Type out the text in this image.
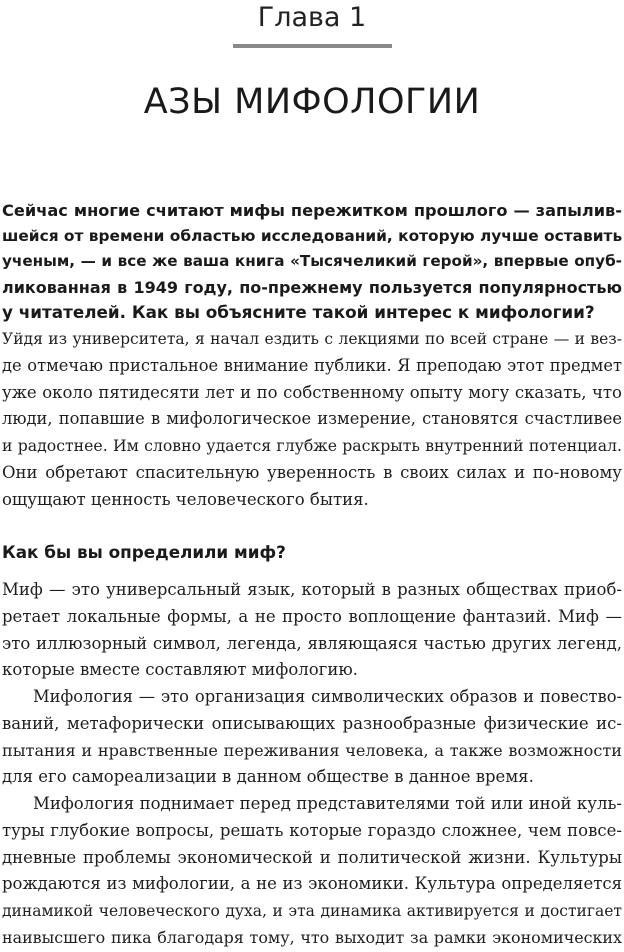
Глава 1
АЗЫ МИФОЛОГИИ
Сейчас многие считают мифы пережитком прошлого — запылив-
шейся от времени областью исследований, которую лучше оставить
ученым, — и все же ваша книга «Тысячеликий герой», впервые опуб-
ликованная в 1949 году, по-прежнему пользуется популярностью
у читателей. Как вы объясните такой интерес к мифологии?
Уйдя из университета, я начал ездить с лекциями по всей стране — и вез-
де отмечаю пристальное внимание публики. Я преподаю этот предмет
уже около пятидесяти лет и по собственному опыту могу сказать, что
люди, попавшие в мифологическое измерение, становятся счастливее
и радостнее. Им словно удается глубже раскрыть внутренний потенциал.
Они обретают спасительную уверенность в своих силах и по-новому
ощущают ценность человеческого бытия.
Как бы вы определили миф?
Миф — это универсальный язык, который в разных обществах приоб-
ретает локальные формы, а не просто воплощение фантазий. Миф —
это иллюзорный символ, легенда, являющаяся частью других легенд,
которые вместе составляют мифологию.
Мифология — это организация символических образов и повество-
ваний, метафорически описывающих разнообразные физические ис-
пытания и нравственные переживания человека, а также возможности
для его самореализации в данном обществе в данное время.
Мифология поднимает перед представителями той или иной куль-
туры глубокие вопросы, решать которые гораздо сложнее, чем повсе-
дневные проблемы экономической и политической жизни. Культуры
рождаются из мифологии, а не из экономики. Культура определяется
динамикой человеческого духа, и эта динамика активируется и достигает
наивысшего пика благодаря тому, что выходит за рамки экономических
